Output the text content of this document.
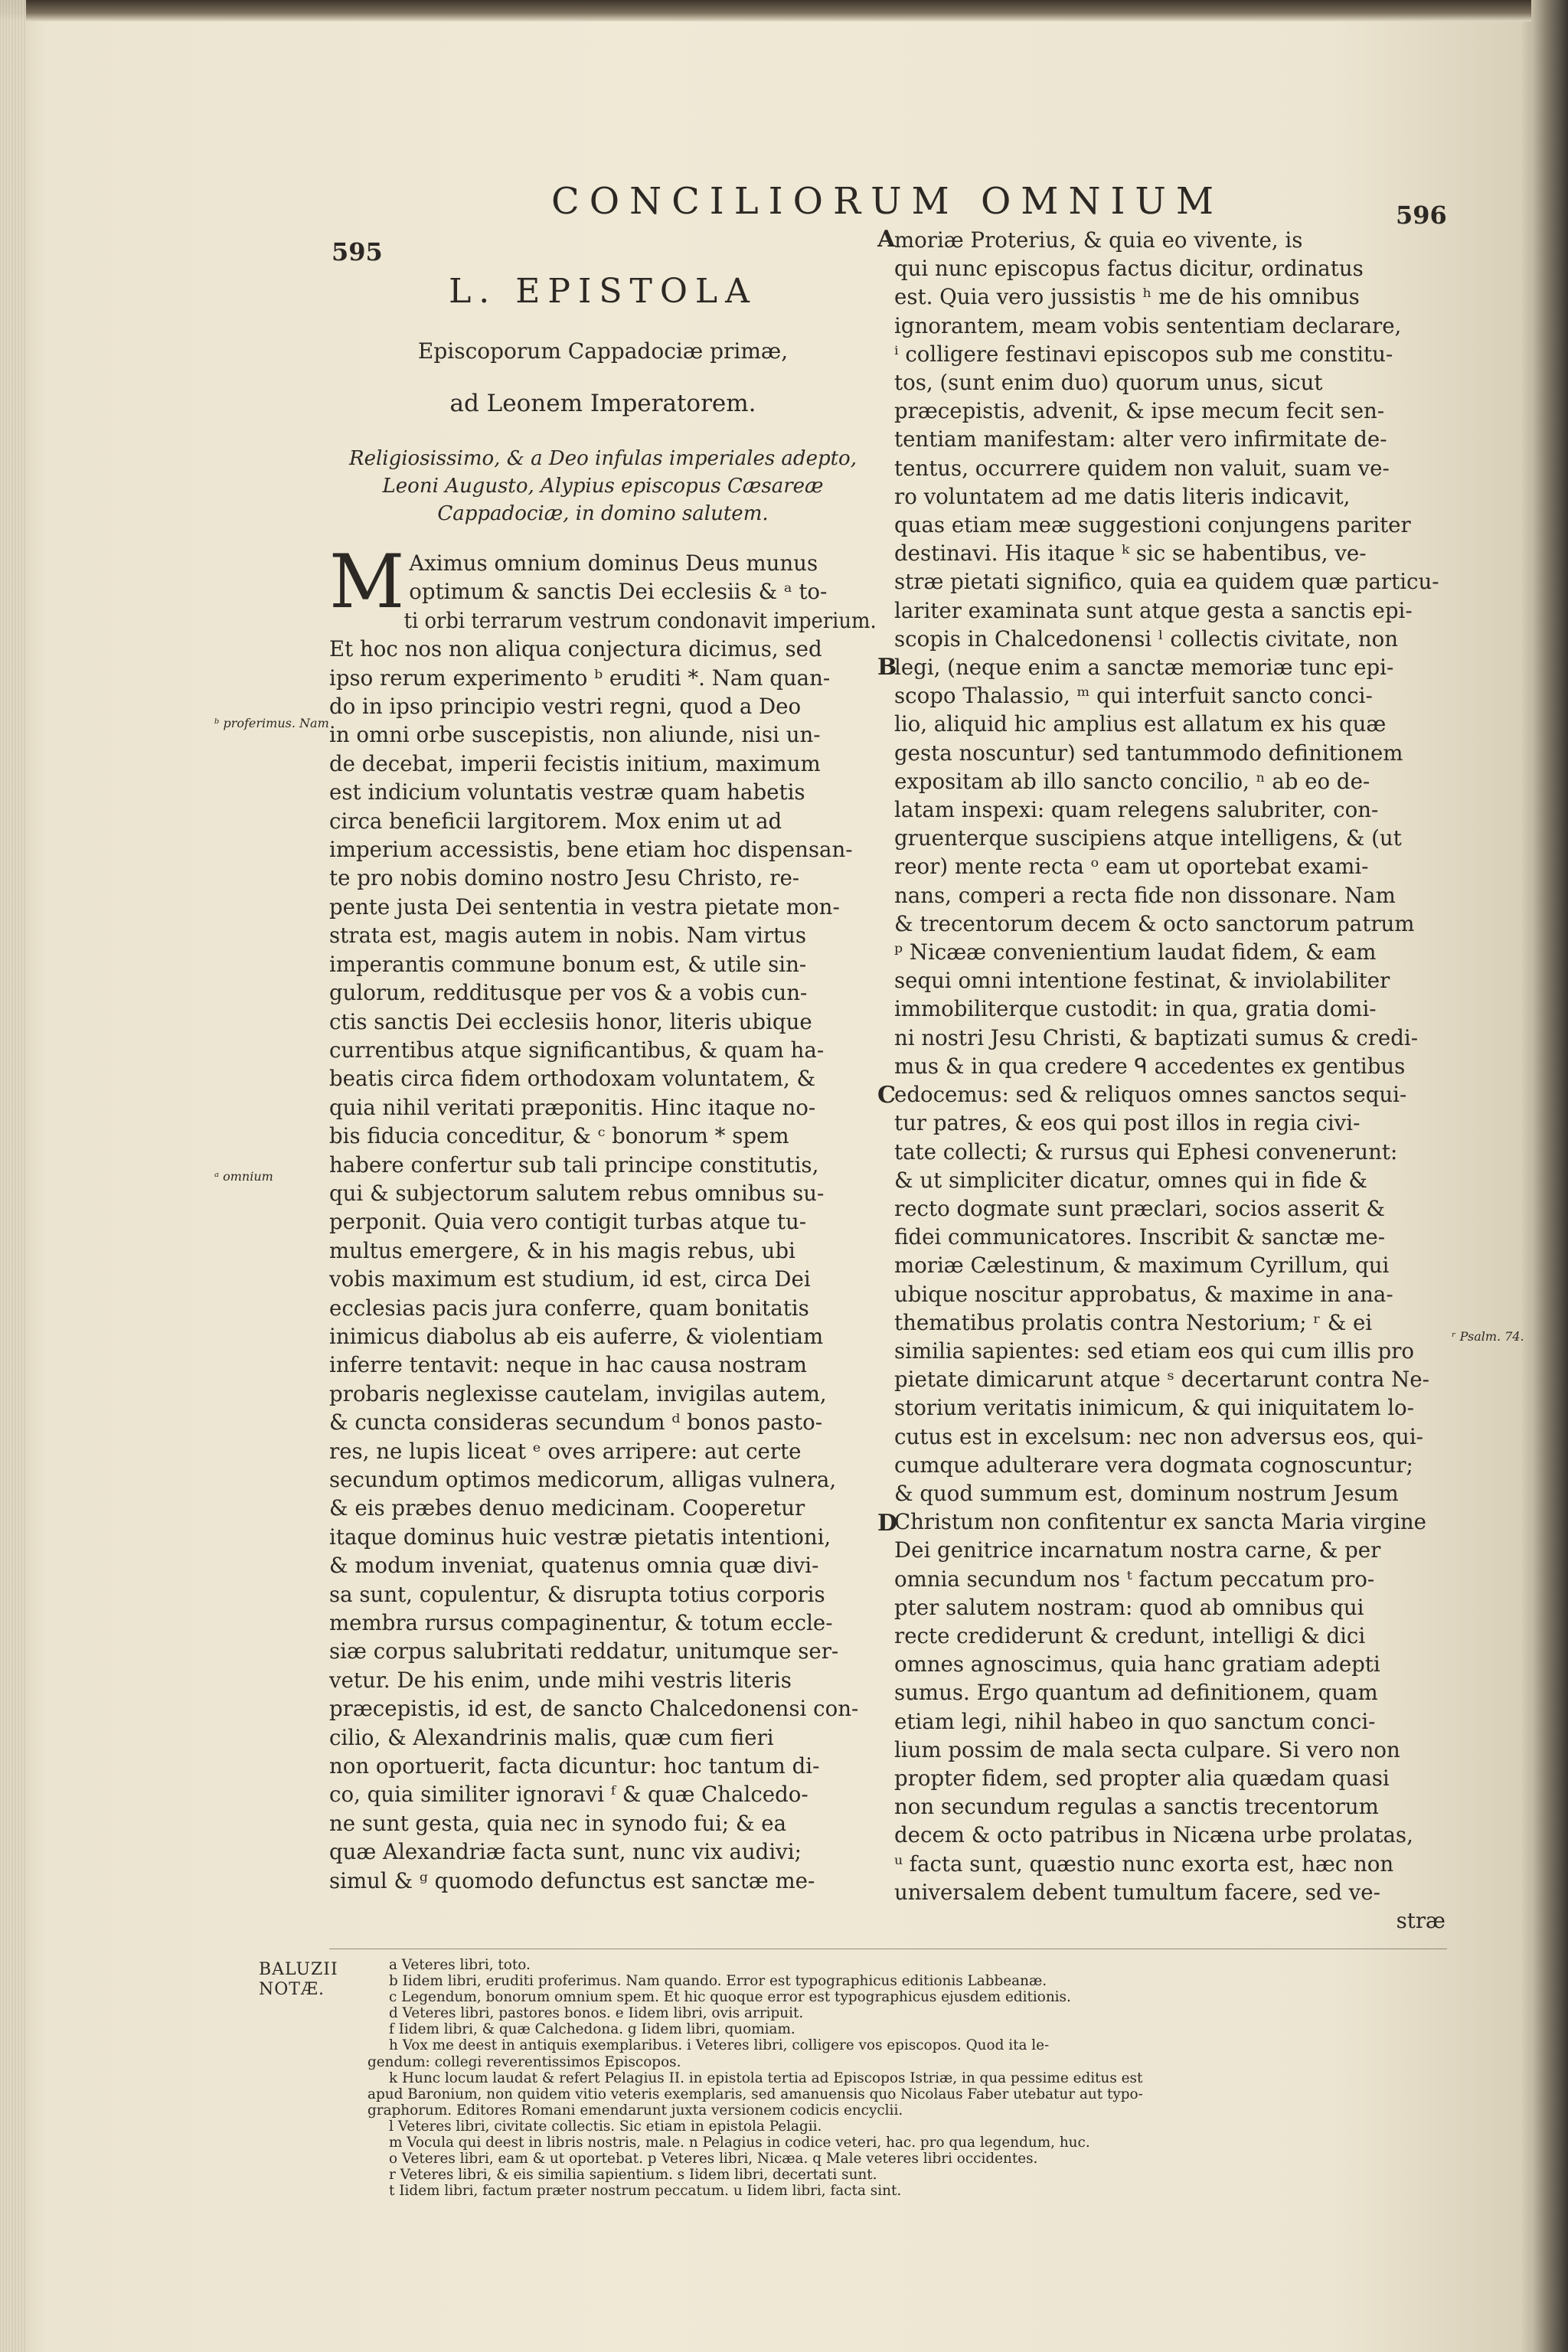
595
596
CONCILIORUM OMNIUM
L. EPISTOLA
Episcoporum Cappadociæ primæ,
ad Leonem Imperatorem.
Religiosissimo, & a Deo infulas imperiales adepto, Leoni Augusto, Alypius episcopus Cæsareæ Cappadociæ, in domino salutem.
M Aximus omnium dominus Deus munus
optimum & sanctis Dei ecclesiis & ᵃ to-
ti orbi terrarum vestrum condonavit imperium.
Et hoc nos non aliqua conjectura dicimus, sed
ipso rerum experimento ᵇ eruditi *. Nam quan-
do in ipso principio vestri regni, quod a Deo
in omni orbe suscepistis, non aliunde, nisi un-
de decebat, imperii fecistis initium, maximum
est indicium voluntatis vestræ quam habetis
circa beneficii largitorem. Mox enim ut ad
imperium accessistis, bene etiam hoc dispensan-
te pro nobis domino nostro Jesu Christo, re-
pente justa Dei sententia in vestra pietate mon-
strata est, magis autem in nobis. Nam virtus
imperantis commune bonum est, & utile sin-
gulorum, redditusque per vos & a vobis cun-
ctis sanctis Dei ecclesiis honor, literis ubique
currentibus atque significantibus, & quam ha-
beatis circa fidem orthodoxam voluntatem, &
quia nihil veritati præponitis. Hinc itaque no-
bis fiducia conceditur, & ᶜ bonorum * spem
habere confertur sub tali principe constitutis,
qui & subjectorum salutem rebus omnibus su-
perponit. Quia vero contigit turbas atque tu-
multus emergere, & in his magis rebus, ubi
vobis maximum est studium, id est, circa Dei
ecclesias pacis jura conferre, quam bonitatis
inimicus diabolus ab eis auferre, & violentiam
inferre tentavit: neque in hac causa nostram
probaris neglexisse cautelam, invigilas autem,
& cuncta consideras secundum ᵈ bonos pasto-
res, ne lupis liceat ᵉ oves arripere: aut certe
secundum optimos medicorum, alligas vulnera,
& eis præbes denuo medicinam. Cooperetur
itaque dominus huic vestræ pietatis intentioni,
& modum inveniat, quatenus omnia quæ divi-
sa sunt, copulentur, & disrupta totius corporis
membra rursus compaginentur, & totum eccle-
siæ corpus salubritati reddatur, unitumque ser-
vetur. De his enim, unde mihi vestris literis
præcepistis, id est, de sancto Chalcedonensi con-
cilio, & Alexandrinis malis, quæ cum fieri
non oportuerit, facta dicuntur: hoc tantum di-
co, quia similiter ignoravi ᶠ & quæ Chalcedo-
ne sunt gesta, quia nec in synodo fui; & ea
quæ Alexandriæ facta sunt, nunc vix audivi;
simul & ᵍ quomodo defunctus est sanctæ me-
moriæ Proterius, & quia eo vivente, is
qui nunc episcopus factus dicitur, ordinatus
est. Quia vero jussistis ʰ me de his omnibus
ignorantem, meam vobis sententiam declarare,
ⁱ colligere festinavi episcopos sub me constitu-
tos, (sunt enim duo) quorum unus, sicut
præcepistis, advenit, & ipse mecum fecit sen-
tentiam manifestam: alter vero infirmitate de-
tentus, occurrere quidem non valuit, suam ve-
ro voluntatem ad me datis literis indicavit,
quas etiam meæ suggestioni conjungens pariter
destinavi. His itaque ᵏ sic se habentibus, ve-
stræ pietati significo, quia ea quidem quæ particu-
lariter examinata sunt atque gesta a sanctis epi-
scopis in Chalcedonensi ˡ collectis civitate, non
legi, (neque enim a sanctæ memoriæ tunc epi-
scopo Thalassio, ᵐ qui interfuit sancto conci-
lio, aliquid hic amplius est allatum ex his quæ
gesta noscuntur) sed tantummodo definitionem
expositam ab illo sancto concilio, ⁿ ab eo de-
latam inspexi: quam relegens salubriter, con-
gruenterque suscipiens atque intelligens, & (ut
reor) mente recta ᵒ eam ut oportebat exami-
nans, comperi a recta fide non dissonare. Nam
& trecentorum decem & octo sanctorum patrum
ᵖ Nicææ convenientium laudat fidem, & eam
sequi omni intentione festinat, & inviolabiliter
immobiliterque custodit: in qua, gratia domi-
ni nostri Jesu Christi, & baptizati sumus & credi-
mus & in qua credere ᑫ accedentes ex gentibus
edocemus: sed & reliquos omnes sanctos sequi-
tur patres, & eos qui post illos in regia civi-
tate collecti; & rursus qui Ephesi convenerunt:
& ut simpliciter dicatur, omnes qui in fide &
recto dogmate sunt præclari, socios asserit &
fidei communicatores. Inscribit & sanctæ me-
moriæ Cælestinum, & maximum Cyrillum, qui
ubique noscitur approbatus, & maxime in ana-
thematibus prolatis contra Nestorium; ʳ & ei
similia sapientes: sed etiam eos qui cum illis pro
pietate dimicarunt atque ˢ decertarunt contra Ne-
storium veritatis inimicum, & qui iniquitatem lo-
cutus est in excelsum: nec non adversus eos, qui-
cumque adulterare vera dogmata cognoscuntur;
& quod summum est, dominum nostrum Jesum
Christum non confitentur ex sancta Maria virgine
Dei genitrice incarnatum nostra carne, & per
omnia secundum nos ᵗ factum peccatum pro-
pter salutem nostram: quod ab omnibus qui
recte crediderunt & credunt, intelligi & dici
omnes agnoscimus, quia hanc gratiam adepti
sumus. Ergo quantum ad definitionem, quam
etiam legi, nihil habeo in quo sanctum conci-
lium possim de mala secta culpare. Si vero non
propter fidem, sed propter alia quædam quasi
non secundum regulas a sanctis trecentorum
decem & octo patribus in Nicæna urbe prolatas,
ᵘ facta sunt, quæstio nunc exorta est, hæc non
universalem debent tumultum facere, sed ve-
stræ
A
B
C
D
ᵇ proferimus. Nam
ᵃ omnium
ʳ Psalm. 74.
BALUZII
NOTÆ.
a Veteres libri, toto.
b Iidem libri, eruditi proferimus. Nam quando. Error est typographicus editionis Labbeanæ.
c Legendum, bonorum omnium spem. Et hic quoque error est typographicus ejusdem editionis.
d Veteres libri, pastores bonos. e Iidem libri, ovis arripuit.
f Iidem libri, & quæ Calchedona. g Iidem libri, quomiam.
h Vox me deest in antiquis exemplaribus. i Veteres libri, colligere vos episcopos. Quod ita le-
gendum: collegi reverentissimos Episcopos.
k Hunc locum laudat & refert Pelagius II. in epistola tertia ad Episcopos Istriæ, in qua pessime editus est
apud Baronium, non quidem vitio veteris exemplaris, sed amanuensis quo Nicolaus Faber utebatur aut typo-
graphorum. Editores Romani emendarunt juxta versionem codicis encyclii.
l Veteres libri, civitate collectis. Sic etiam in epistola Pelagii.
m Vocula qui deest in libris nostris, male. n Pelagius in codice veteri, hac. pro qua legendum, huc.
o Veteres libri, eam & ut oportebat. p Veteres libri, Nicæa. q Male veteres libri occidentes.
r Veteres libri, & eis similia sapientium. s Iidem libri, decertati sunt.
t Iidem libri, factum præter nostrum peccatum. u Iidem libri, facta sint.
